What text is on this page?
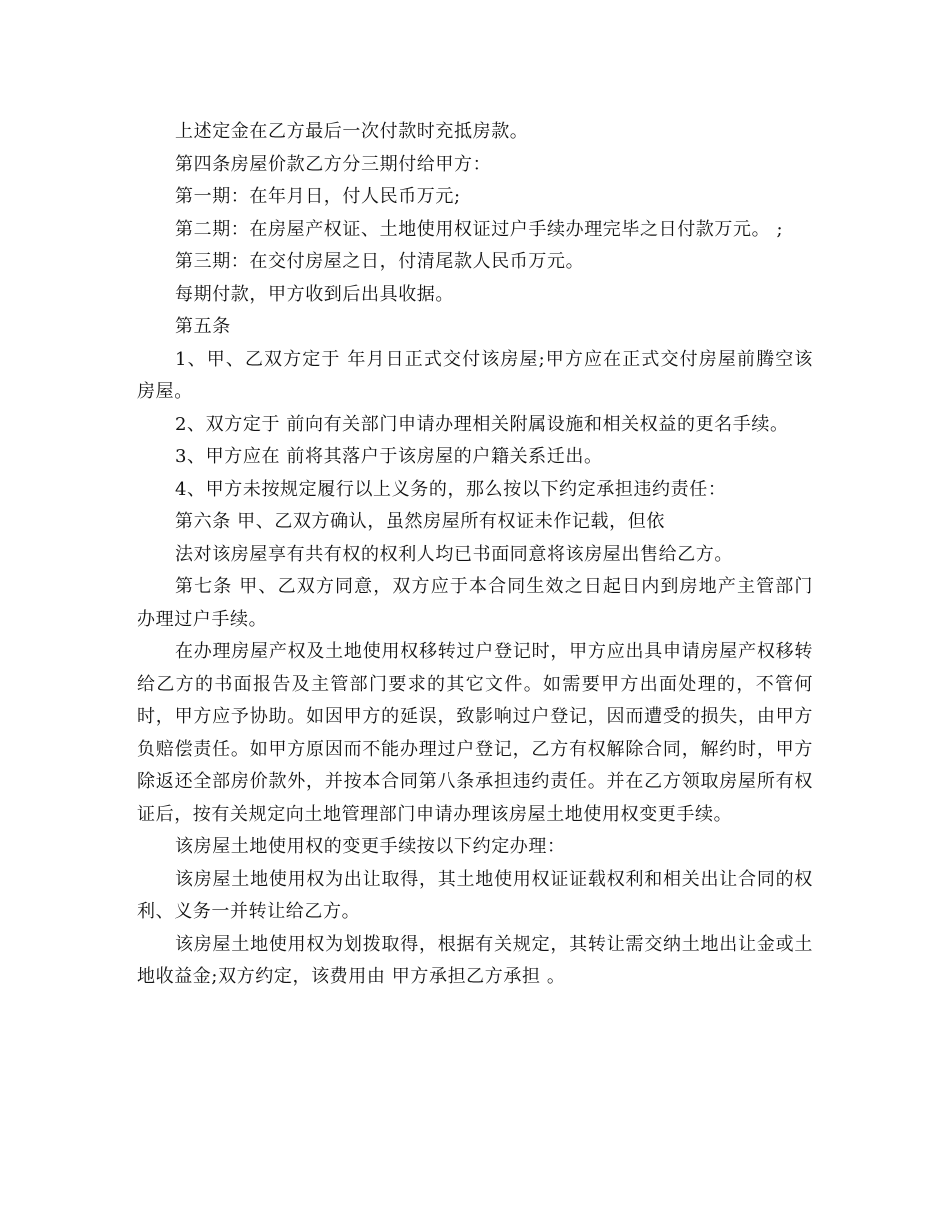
上述定金在乙方最后一次付款时充抵房款。

第四条房屋价款乙方分三期付给甲方：

第一期：在年月日，付人民币万元;

第二期：在房屋产权证、土地使用权证过户手续办理完毕之日付款万元。 ;

第三期：在交付房屋之日，付清尾款人民币万元。

每期付款，甲方收到后出具收据。

第五条

1、甲、乙双方定于 年月日正式交付该房屋;甲方应在正式交付房屋前腾空该房屋。

2、双方定于 前向有关部门申请办理相关附属设施和相关权益的更名手续。

3、甲方应在 前将其落户于该房屋的户籍关系迁出。

4、甲方未按规定履行以上义务的，那么按以下约定承担违约责任：

第六条 甲、乙双方确认，虽然房屋所有权证未作记载，但依

法对该房屋享有共有权的权利人均已书面同意将该房屋出售给乙方。

第七条 甲、乙双方同意，双方应于本合同生效之日起日内到房地产主管部门办理过户手续。

在办理房屋产权及土地使用权移转过户登记时，甲方应出具申请房屋产权移转给乙方的书面报告及主管部门要求的其它文件。如需要甲方出面处理的，不管何时，甲方应予协助。如因甲方的延误，致影响过户登记，因而遭受的损失，由甲方负赔偿责任。如甲方原因而不能办理过户登记，乙方有权解除合同，解约时，甲方除返还全部房价款外，并按本合同第八条承担违约责任。并在乙方领取房屋所有权证后，按有关规定向土地管理部门申请办理该房屋土地使用权变更手续。

该房屋土地使用权的变更手续按以下约定办理：

该房屋土地使用权为出让取得，其土地使用权证证载权利和相关出让合同的权利、义务一并转让给乙方。

该房屋土地使用权为划拨取得，根据有关规定，其转让需交纳土地出让金或土地收益金;双方约定，该费用由 甲方承担乙方承担 。
